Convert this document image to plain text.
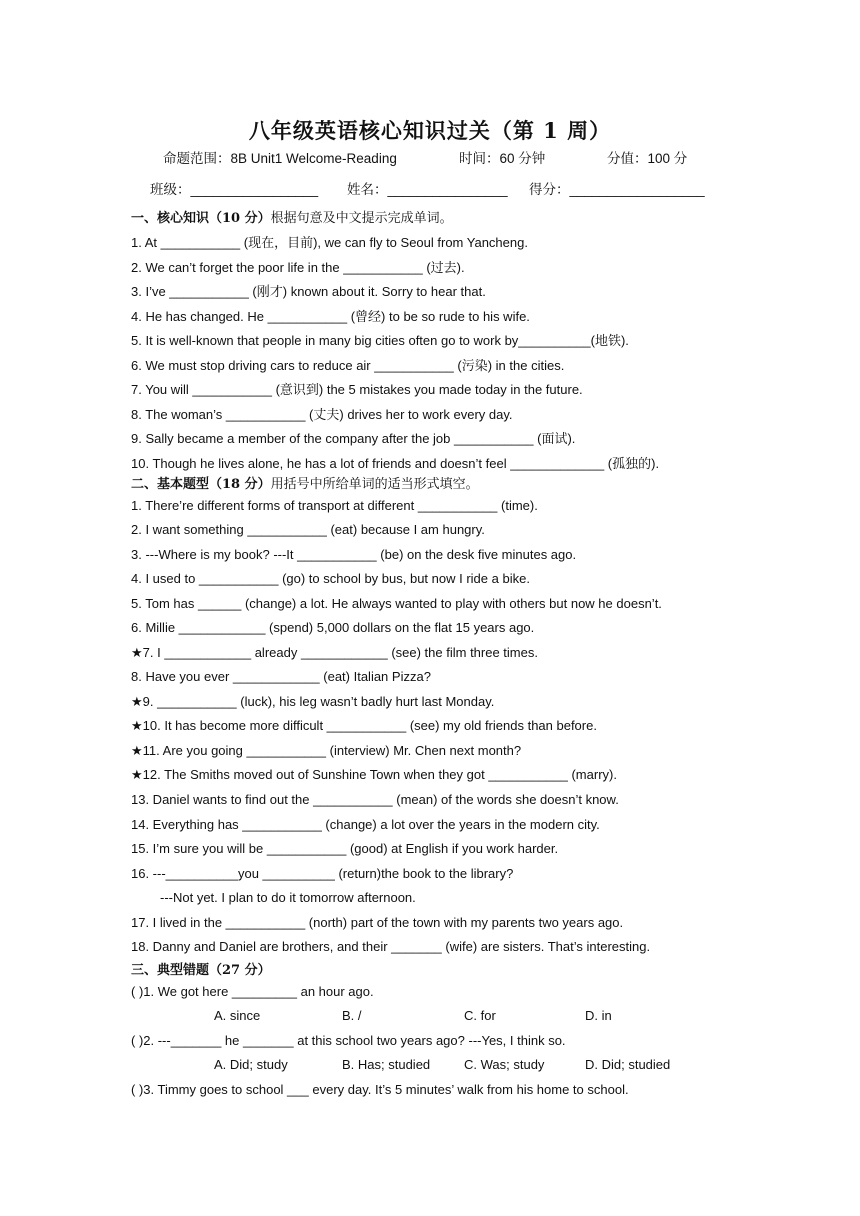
八年级英语核心知识过关（第 1 周）
命题范围：8B Unit1 Welcome-Reading	时间：60 分钟	分值：100 分
班级：_________________ 姓名：________________ 得分：__________________
一、核心知识（10 分）根据句意及中文提示完成单词。
1. At ___________ (现在，目前), we can fly to Seoul from Yancheng.
2. We can’t forget the poor life in the ___________ (过去).
3. I’ve ___________ (刚才) known about it. Sorry to hear that.
4. He has changed. He ___________ (曾经) to be so rude to his wife.
5. It is well-known that people in many big cities often go to work by__________(地铁).
6. We must stop driving cars to reduce air ___________ (污染) in the cities.
7. You will ___________ (意识到) the 5 mistakes you made today in the future.
8. The woman’s ___________ (丈夫) drives her to work every day.
9. Sally became a member of the company after the job ___________ (面试).
10. Though he lives alone, he has a lot of friends and doesn’t feel _____________ (孤独的).
二、基本题型（18 分）用括号中所给单词的适当形式填空。
1. There’re different forms of transport at different ___________ (time).
2. I want something ___________ (eat) because I am hungry.
3. ---Where is my book? ---It ___________ (be) on the desk five minutes ago.
4. I used to ___________ (go) to school by bus, but now I ride a bike.
5. Tom has ______ (change) a lot. He always wanted to play with others but now he doesn’t.
6. Millie ____________ (spend) 5,000 dollars on the flat 15 years ago.
★7. I ____________ already ____________ (see) the film three times.
8. Have you ever ____________ (eat) Italian Pizza?
★9. ___________ (luck), his leg wasn’t badly hurt last Monday.
★10. It has become more difficult ___________ (see) my old friends than before.
★11. Are you going ___________ (interview) Mr. Chen next month?
★12. The Smiths moved out of Sunshine Town when they got ___________ (marry).
13. Daniel wants to find out the ___________ (mean) of the words she doesn’t know.
14. Everything has ___________ (change) a lot over the years in the modern city.
15. I’m sure you will be ___________ (good) at English if you work harder.
16. ---__________you __________ (return)the book to the library?
---Not yet. I plan to do it tomorrow afternoon.
17. I lived in the ___________ (north) part of the town with my parents two years ago.
18. Danny and Daniel are brothers, and their _______ (wife) are sisters. That’s interesting.
三、典型错题（27 分）
( )1. We got here _________ an hour ago.
A. since	B. /	C. for	D. in
( )2. ---_______ he _______ at this school two years ago? ---Yes, I think so.
A. Did; study	B. Has; studied	C. Was; study	D. Did; studied
( )3. Timmy goes to school ___ every day. It’s 5 minutes’ walk from his home to school.
